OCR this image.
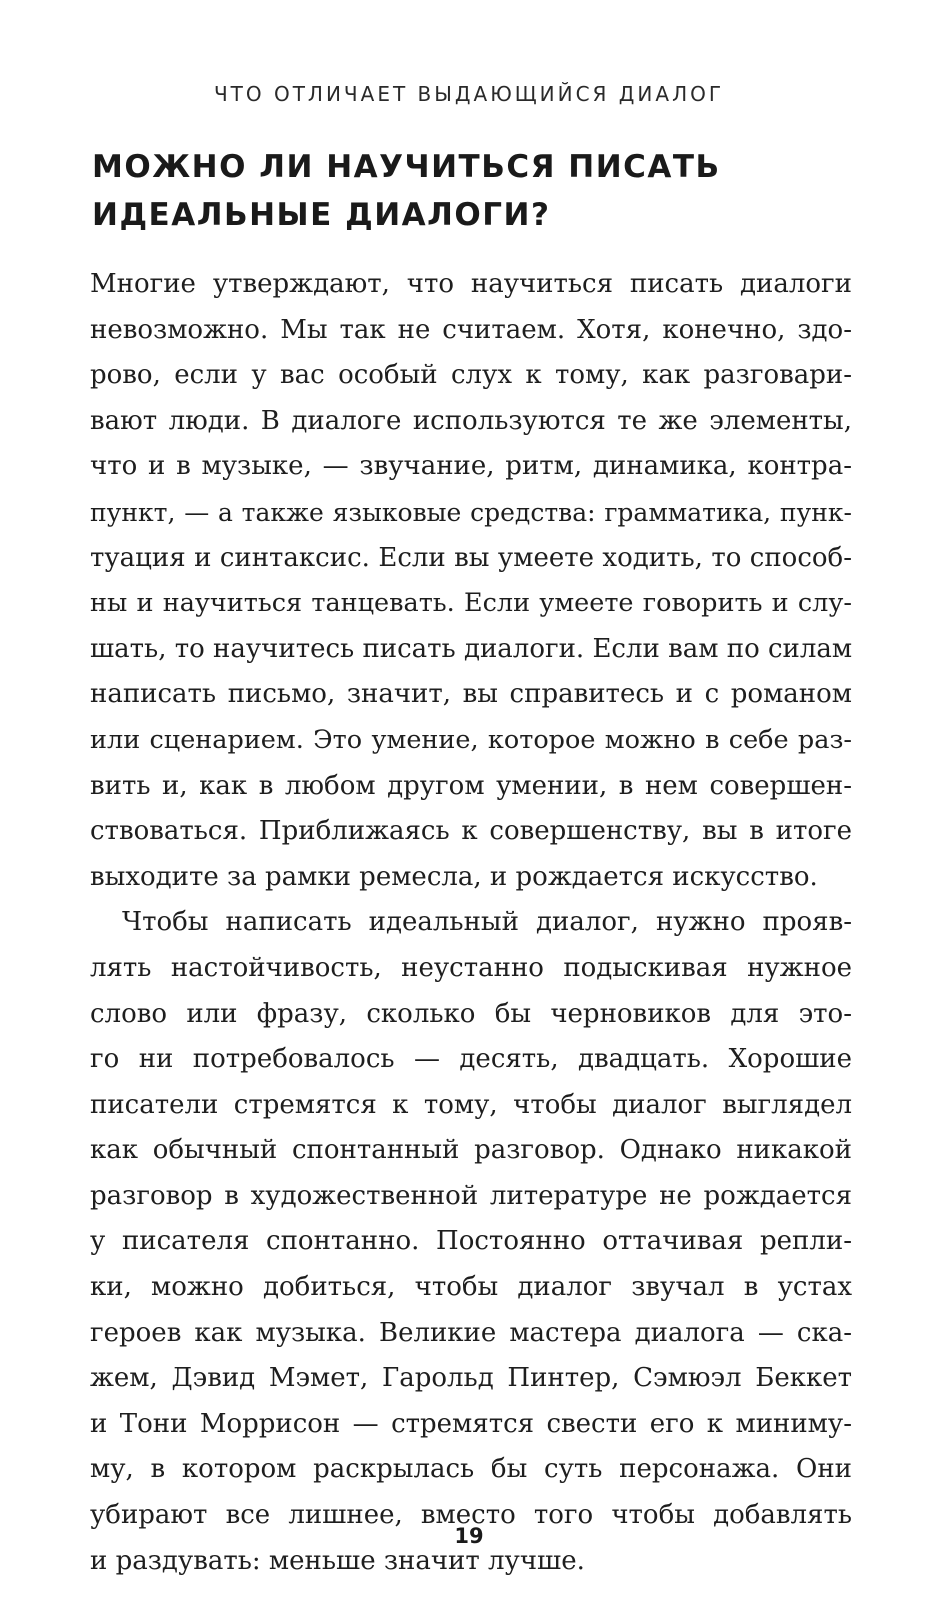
ЧТО ОТЛИЧАЕТ ВЫДАЮЩИЙСЯ ДИАЛОГ
МОЖНО ЛИ НАУЧИТЬСЯ ПИСАТЬ
ИДЕАЛЬНЫЕ ДИАЛОГИ?
Многие утверждают, что научиться писать диалоги
невозможно. Мы так не считаем. Хотя, конечно, здо-
рово, если у вас особый слух к тому, как разговари-
вают люди. В диалоге используются те же элементы,
что и в музыке, — звучание, ритм, динамика, контра-
пункт, — а также языковые средства: грамматика, пунк-
туация и синтаксис. Если вы умеете ходить, то способ-
ны и научиться танцевать. Если умеете говорить и слу-
шать, то научитесь писать диалоги. Если вам по силам
написать письмо, значит, вы справитесь и с романом
или сценарием. Это умение, которое можно в себе раз-
вить и, как в любом другом умении, в нем совершен-
ствоваться. Приближаясь к совершенству, вы в итоге
выходите за рамки ремесла, и рождается искусство.
Чтобы написать идеальный диалог, нужно прояв-
лять настойчивость, неустанно подыскивая нужное
слово или фразу, сколько бы черновиков для это-
го ни потребовалось — десять, двадцать. Хорошие
писатели стремятся к тому, чтобы диалог выглядел
как обычный спонтанный разговор. Однако никакой
разговор в художественной литературе не рождается
у писателя спонтанно. Постоянно оттачивая репли-
ки, можно добиться, чтобы диалог звучал в устах
героев как музыка. Великие мастера диалога — ска-
жем, Дэвид Мэмет, Гарольд Пинтер, Сэмюэл Беккет
и Тони Моррисон — стремятся свести его к миниму-
му, в котором раскрылась бы суть персонажа. Они
убирают все лишнее, вместо того чтобы добавлять
и раздувать: меньше значит лучше.
19
